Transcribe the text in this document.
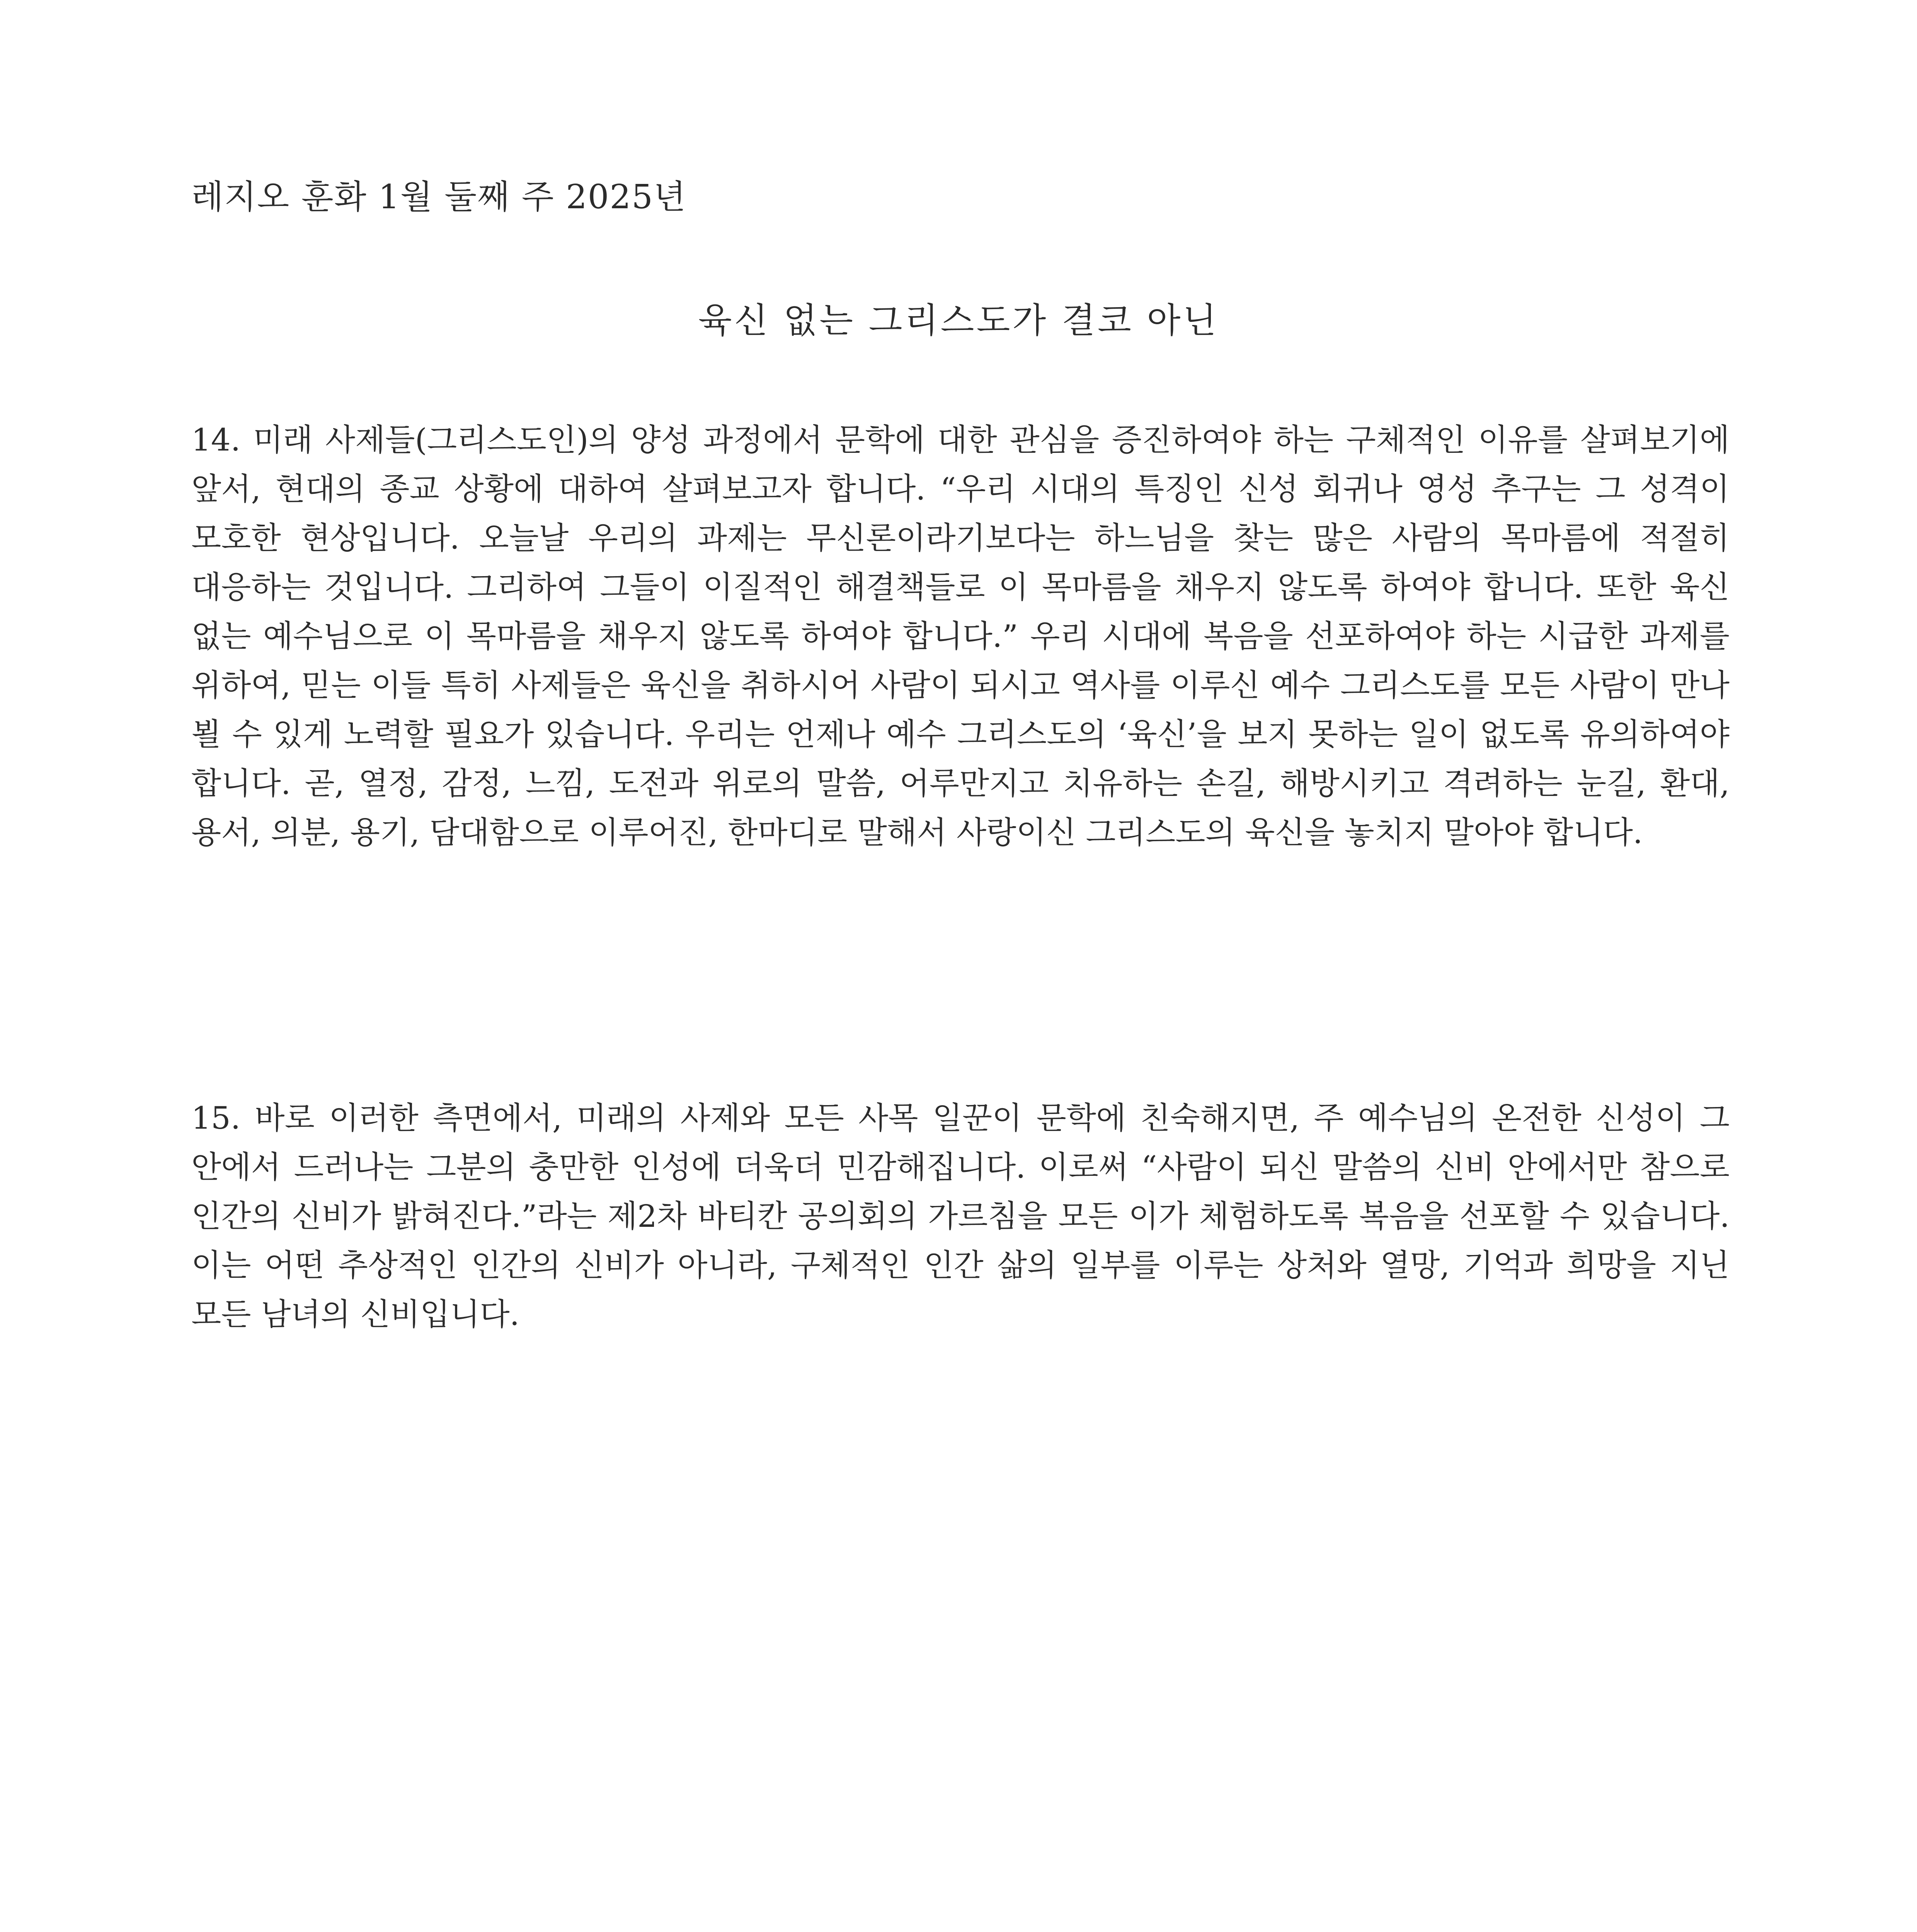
레지오 훈화 1월 둘째 주 2025년
육신 없는 그리스도가 결코 아닌

14. 미래 사제들(그리스도인)의 양성 과정에서 문학에 대한 관심을 증진하여야 하는 구체적인 이유를 살펴보기에 앞서, 현대의 종교 상황에 대하여 살펴보고자 합니다. “우리 시대의 특징인 신성 회귀나 영성 추구는 그 성격이 모호한 현상입니다. 오늘날 우리의 과제는 무신론이라기보다는 하느님을 찾는 많은 사람의 목마름에 적절히 대응하는 것입니다. 그리하여 그들이 이질적인 해결책들로 이 목마름을 채우지 않도록 하여야 합니다. 또한 육신 없는 예수님으로 이 목마름을 채우지 않도록 하여야 합니다.” 우리 시대에 복음을 선포하여야 하는 시급한 과제를 위하여, 믿는 이들 특히 사제들은 육신을 취하시어 사람이 되시고 역사를 이루신 예수 그리스도를 모든 사람이 만나 뵐 수 있게 노력할 필요가 있습니다. 우리는 언제나 예수 그리스도의 ‘육신’을 보지 못하는 일이 없도록 유의하여야 합니다. 곧, 열정, 감정, 느낌, 도전과 위로의 말씀, 어루만지고 치유하는 손길, 해방시키고 격려하는 눈길, 환대, 용서, 의분, 용기, 담대함으로 이루어진, 한마디로 말해서 사랑이신 그리스도의 육신을 놓치지 말아야 합니다.

15. 바로 이러한 측면에서, 미래의 사제와 모든 사목 일꾼이 문학에 친숙해지면, 주 예수님의 온전한 신성이 그 안에서 드러나는 그분의 충만한 인성에 더욱더 민감해집니다. 이로써 “사람이 되신 말씀의 신비 안에서만 참으로 인간의 신비가 밝혀진다.”라는 제2차 바티칸 공의회의 가르침을 모든 이가 체험하도록 복음을 선포할 수 있습니다. 이는 어떤 추상적인 인간의 신비가 아니라, 구체적인 인간 삶의 일부를 이루는 상처와 열망, 기억과 희망을 지닌 모든 남녀의 신비입니다.
